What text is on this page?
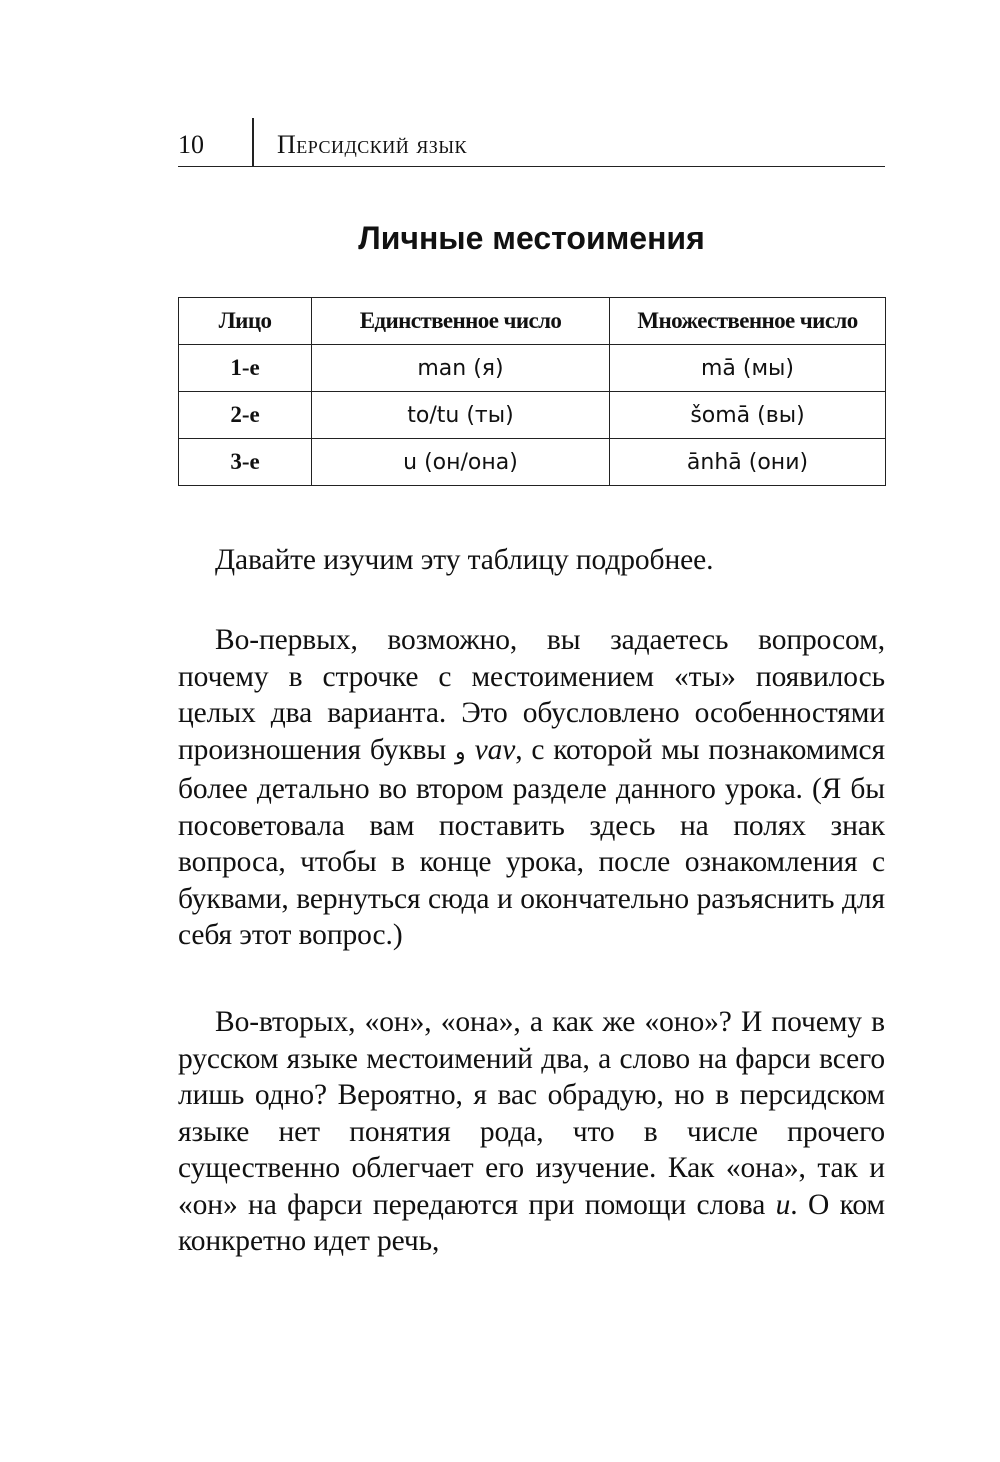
10	Персидский язык
Личные местоимения
Лицо	Единственное число	Множественное число
1-е	man (я)	mā (мы)
2-е	to/tu (ты)	šomā (вы)
3-е	u (он/она)	ānhā (они)

Давайте изучим эту таблицу подробнее.

Во-первых, возможно, вы задаетесь вопросом, почему в строчке с местоимением «ты» появилось целых два варианта. Это обусловлено особенностями произношения буквы و vav, с которой мы познакомимся более детально во втором разделе данного урока. (Я бы посоветовала вам поставить здесь на полях знак вопроса, чтобы в конце урока, после ознакомления с буквами, вернуться сюда и окончательно разъяснить для себя этот вопрос.)

Во-вторых, «он», «она», а как же «оно»? И почему в русском языке местоимений два, а слово на фарси всего лишь одно? Вероятно, я вас обрадую, но в персидском языке нет понятия рода, что в числе прочего существенно облегчает его изучение. Как «она», так и «он» на фарси передаются при помощи слова u. О ком конкретно идет речь,
